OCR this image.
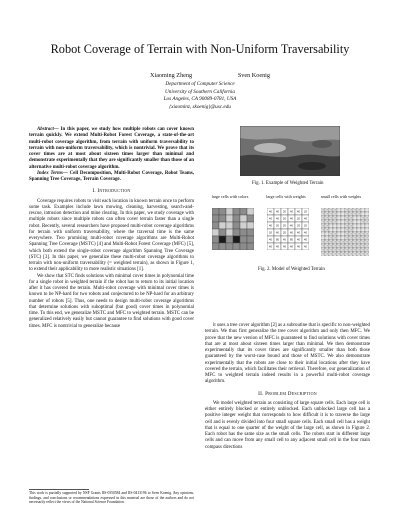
Robot Coverage of Terrain with Non-Uniform Traversability
Xiaoming Zheng	Sven Koenig
Department of Computer Science
University of Southern California
Los Angeles, CA 90089-0781, USA
{xiaominz, skoenig}@usc.edu

Abstract— In this paper, we study how multiple robots can cover known terrain quickly. We extend Multi-Robot Forest Coverage, a state-of-the-art multi-robot coverage algorithm, from terrain with uniform traversability to terrain with non-uniform traversability, which is nontrivial. We prove that its cover times are at most about sixteen times larger than minimal and demonstrate experimentally that they are significantly smaller than those of an alternative multi-robot coverage algorithm.

Index Terms— Cell Decomposition, Multi-Robot Coverage, Robot Teams, Spanning Tree Coverage, Terrain Coverage.

I. Introduction

Coverage requires robots to visit each location in known terrain once to perform some task. Examples include lawn mowing, cleaning, harvesting, search-and-rescue, intrusion detection and mine clearing. In this paper, we study coverage with multiple robots since multiple robots can often cover terrain faster than a single robot. Recently, several researchers have proposed multi-robot coverage algorithms for terrain with uniform traversability, where the traversal time is the same everywhere. Two promising multi-robot coverage algorithms are Multi-Robot Spanning Tree Coverage (MSTC) [4] and Multi-Robot Forest Coverage (MFC) [5], which both extend the single-robot coverage algorithm Spanning Tree Coverage (STC) [3]. In this paper, we generalize these multi-robot coverage algorithms to terrain with non-uniform traversability (= weighted terrain), as shown in Figure 1, to extend their applicability to more realistic situations [1].

We show that STC finds solutions with minimal cover times in polynomial time for a single robot in weighted terrain if the robot has to return to its initial location after it has covered the terrain. Multi-robot coverage with minimal cover times is known to be NP-hard for two robots and conjectured to be NP-hard for an arbitrary number of robots [5]. Thus, one needs to design multi-robot coverage algorithms that determine solutions with suboptimal (but good) cover times in polynomial time. To this end, we generalize MSTC and MFC to weighted terrain. MSTC can be generalized relatively easily but cannot guarantee to find solutions with good cover times. MFC is nontrivial to generalize because

This work is partially supported by NSF Grants IIS-0350584 and IIS-0413196 to Sven Koenig. Any opinions, findings, and conclusions or recommendations expressed in this material are those of the authors and do not necessarily reflect the views of the National Science Foundation.
Fig. 1. Example of Weighted Terrain
large cells with colors	large cells with weights	small cells with weights
40 40 20 40 40 20
40 40 20 40 20 40
40 20 20 40 20 20
20 40 20 40 40 40
40 80 40 80 40 40
40 40 40 40 40 40
10 10 10 10 5 5 10 10 10 10 5 5
10 10 10 10 5 5 10 10 10 10 5 5
10 10 10 10 5 5 10 10 5 5 10 10
10 10 10 10 5 5 10 10 5 5 10 10
10 10 5 5 5 5 10 10 5 5 5 5
10 10 5 5 5 5 10 10 5 5 5 5
5 5 10 10 5 5 10 10 10 10 10 10
5 5 10 10 5 5 10 10 10 10 10 10
10 10 20 20 10 10 20 20 10 10 10 10
10 10 20 20 10 10 20 20 10 10 10 10
10 10 10 10 10 10 10 10 10 10 10 10
10 10 10 10 10 10 10 10 10 10 10 10
Fig. 2. Model of Weighted Terrain

it uses a tree cover algorithm [2] as a subroutine that is specific to non-weighted terrain. We thus first generalize the tree cover algorithm and only then MFC. We prove that the new version of MFC is guaranteed to find solutions with cover times that are at most about sixteen times larger than minimal. We then demonstrate experimentally that its cover times are significantly smaller than both those guaranteed by the worst-case bound and those of MSTC. We also demonstrate experimentally that the robots are close to their initial locations after they have covered the terrain, which facilitates their retrieval. Therefore, our generalization of MFC to weighted terrain indeed results in a powerful multi-robot coverage algorithm.

II. Problem Description

We model weighted terrain as consisting of large square cells. Each large cell is either entirely blocked or entirely unblocked. Each unblocked large cell has a positive integer weight that corresponds to how difficult it is to traverse the large cell and is evenly divided into four small square cells. Each small cell has a weight that is equal to one quarter of the weight of the large cell, as shown in Figure 2. Each robot has the same size as the small cells. The robots start in different large cells and can move from any small cell to any adjacent small cell in the four main compass directions
